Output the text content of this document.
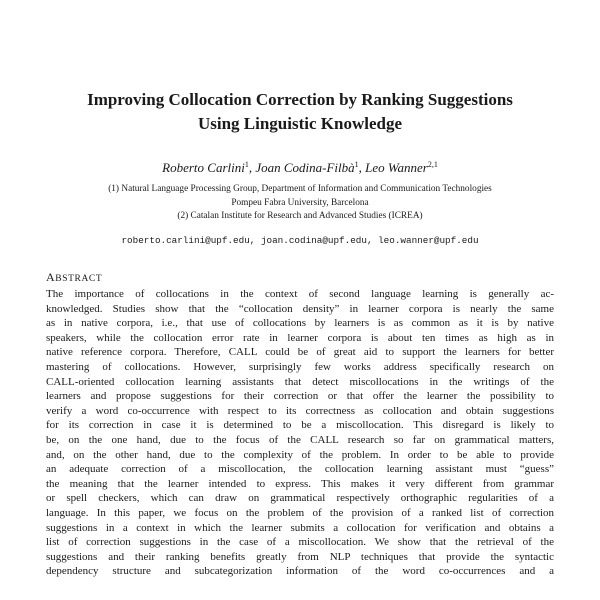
Improving Collocation Correction by Ranking Suggestions
Using Linguistic Knowledge
Roberto Carlini$^1$, Joan Codina-Filbà$^1$, Leo Wanner$^{2,1}$
(1) Natural Language Processing Group, Department of Information and Communication Technologies
Pompeu Fabra University, Barcelona
(2) Catalan Institute for Research and Advanced Studies (ICREA)
roberto.carlini@upf.edu, joan.codina@upf.edu, leo.wanner@upf.edu
ABSTRACT
The importance of collocations in the context of second language learning is generally ac-
knowledged. Studies show that the “collocation density” in learner corpora is nearly the same
as in native corpora, i.e., that use of collocations by learners is as common as it is by native
speakers, while the collocation error rate in learner corpora is about ten times as high as in
native reference corpora. Therefore, CALL could be of great aid to support the learners for better
mastering of collocations. However, surprisingly few works address specifically research on
CALL-oriented collocation learning assistants that detect miscollocations in the writings of the
learners and propose suggestions for their correction or that offer the learner the possibility to
verify a word co-occurrence with respect to its correctness as collocation and obtain suggestions
for its correction in case it is determined to be a miscollocation. This disregard is likely to
be, on the one hand, due to the focus of the CALL research so far on grammatical matters,
and, on the other hand, due to the complexity of the problem. In order to be able to provide
an adequate correction of a miscollocation, the collocation learning assistant must “guess”
the meaning that the learner intended to express. This makes it very different from grammar
or spell checkers, which can draw on grammatical respectively orthographic regularities of a
language. In this paper, we focus on the problem of the provision of a ranked list of correction
suggestions in a context in which the learner submits a collocation for verification and obtains a
list of correction suggestions in the case of a miscollocation. We show that the retrieval of the
suggestions and their ranking benefits greatly from NLP techniques that provide the syntactic
dependency structure and subcategorization information of the word co-occurrences and a
